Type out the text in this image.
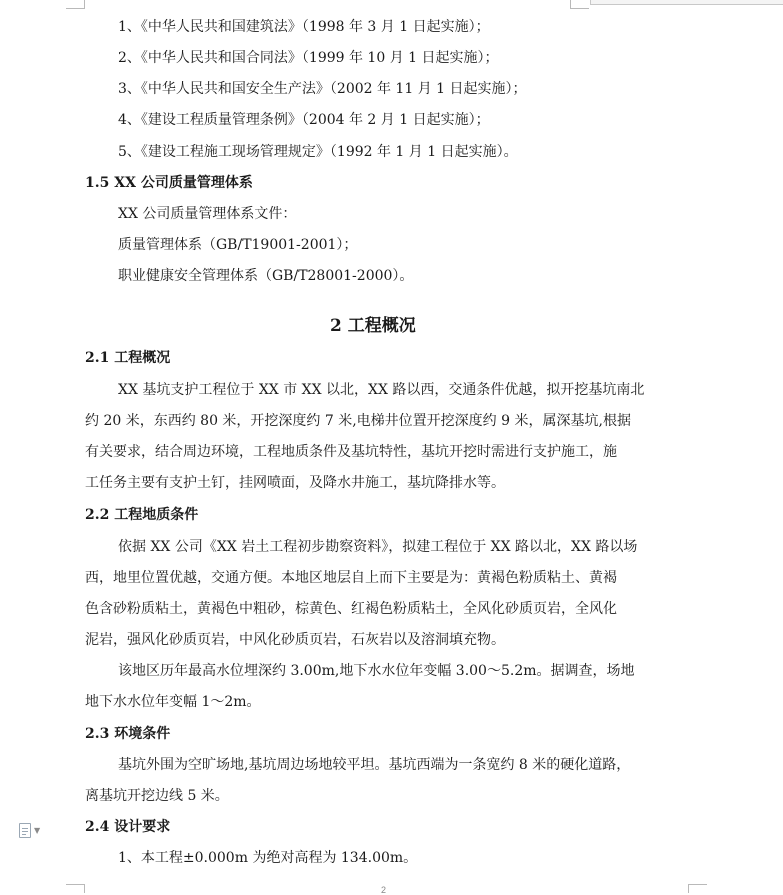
1、《中华人民共和国建筑法》（1998 年 3 月 1 日起实施）；
2、《中华人民共和国合同法》（1999 年 10 月 1 日起实施）；
3、《中华人民共和国安全生产法》（2002 年 11 月 1 日起实施）；
4、《建设工程质量管理条例》（2004 年 2 月 1 日起实施）；
5、《建设工程施工现场管理规定》（1992 年 1 月 1 日起实施）。
1.5 XX 公司质量管理体系
XX 公司质量管理体系文件：
质量管理体系（GB/T19001-2001）；
职业健康安全管理体系（GB/T28001-2000）。
2 工程概况
2.1 工程概况
XX 基坑支护工程位于 XX 市 XX 以北，XX 路以西，交通条件优越，拟开挖基坑南北
约 20 米，东西约 80 米，开挖深度约 7 米,电梯井位置开挖深度约 9 米，属深基坑,根据
有关要求，结合周边环境，工程地质条件及基坑特性，基坑开挖时需进行支护施工，施
工任务主要有支护土钉，挂网喷面，及降水井施工，基坑降排水等。
2.2 工程地质条件
依据 XX 公司《XX 岩土工程初步勘察资料》，拟建工程位于 XX 路以北，XX 路以场
西，地里位置优越，交通方便。本地区地层自上而下主要是为：黄褐色粉质粘土、黄褐
色含砂粉质粘土，黄褐色中粗砂，棕黄色、红褐色粉质粘土，全风化砂质页岩，全风化
泥岩，强风化砂质页岩，中风化砂质页岩，石灰岩以及溶洞填充物。
该地区历年最高水位埋深约 3.00m,地下水水位年变幅 3.00～5.2m。据调查，场地
地下水水位年变幅 1～2m。
2.3 环境条件
基坑外围为空旷场地,基坑周边场地较平坦。基坑西端为一条宽约 8 米的硬化道路，
离基坑开挖边线 5 米。
2.4 设计要求
1、本工程±0.000m 为绝对高程为 134.00m。
▼
2
